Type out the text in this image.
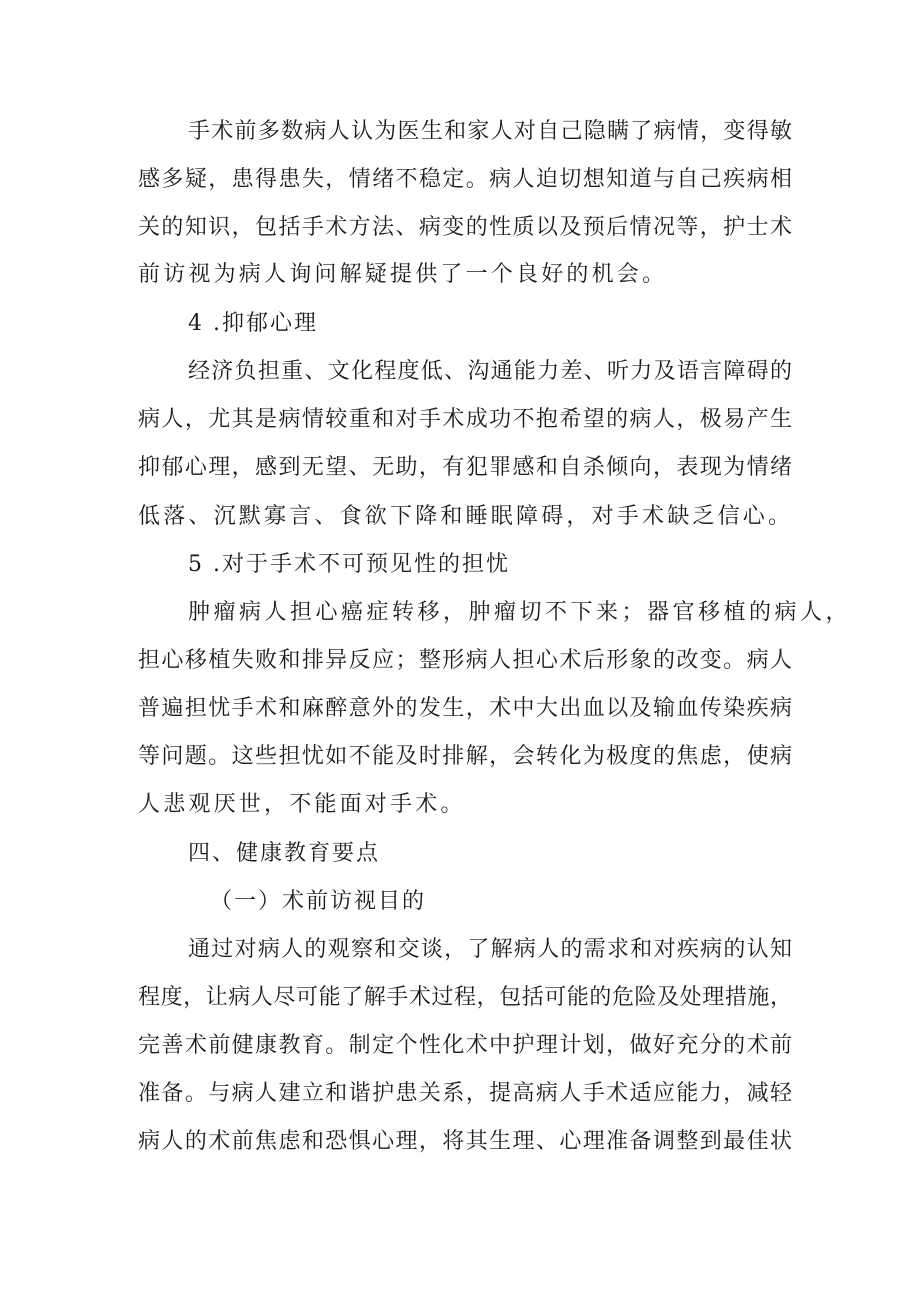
手术前多数病人认为医生和家人对自己隐瞒了病情，变得敏
感多疑，患得患失，情绪不稳定。病人迫切想知道与自己疾病相
关的知识，包括手术方法、病变的性质以及预后情况等，护士术
前访视为病人询问解疑提供了一个良好的机会。
4 .抑郁心理
经济负担重、文化程度低、沟通能力差、听力及语言障碍的
病人，尤其是病情较重和对手术成功不抱希望的病人，极易产生
抑郁心理，感到无望、无助，有犯罪感和自杀倾向，表现为情绪
低落、沉默寡言、食欲下降和睡眠障碍，对手术缺乏信心。
5 .对于手术不可预见性的担忧
肿瘤病人担心癌症转移，肿瘤切不下来；器官移植的病人，
担心移植失败和排异反应；整形病人担心术后形象的改变。病人
普遍担忧手术和麻醉意外的发生，术中大出血以及输血传染疾病
等问题。这些担忧如不能及时排解，会转化为极度的焦虑，使病
人悲观厌世，不能面对手术。
四、健康教育要点
（一）术前访视目的
通过对病人的观察和交谈，了解病人的需求和对疾病的认知
程度，让病人尽可能了解手术过程，包括可能的危险及处理措施，
完善术前健康教育。制定个性化术中护理计划，做好充分的术前
准备。与病人建立和谐护患关系，提高病人手术适应能力，减轻
病人的术前焦虑和恐惧心理，将其生理、心理准备调整到最佳状
